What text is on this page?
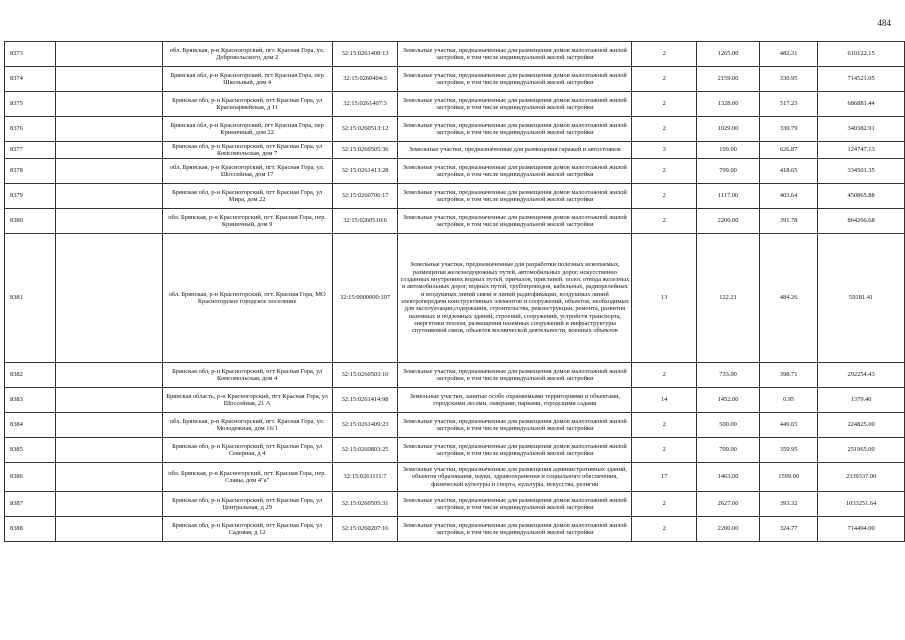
484
8373		обл. Брянская, р-н Красногорский, пгт. Красная Гора, ул. Добровольского, дом 2	32:15:0261408:13	Земельные участки, предназначенные для размещения домов малоэтажной жилой застройки, в том числе индивидуальной жилой застройки	2	1265.00	482.31	610122.15
8374		Брянская обл, р-н Красногорский, пгт Красная Гора, пер Школьный, дом 4	32:15:0260404:3	Земельные участки, предназначенные для размещения домов малоэтажной жилой застройки, в том числе индивидуальной жилой застройки	2	2159.00	330.95	714521.05
8375		Брянская обл, р-н Красногорский, пгт Красная Гора, ул Красноармейская, д 11	32:15:0261407:3	Земельные участки, предназначенные для размещения домов малоэтажной жилой застройки, в том числе индивидуальной жилой застройки	2	1328.00	517.23	686881.44
8376		Брянская обл, р-н Красногорский, пгт Красная Гора, пер Криничный, дом 22	32:15:0260513:12	Земельные участки, предназначенные для размещения домов малоэтажной жилой застройки, в том числе индивидуальной жилой застройки	2	1029.00	330.79	340382.91
8377		Брянская обл, р-н Красногорский, пгт Красная Гора, ул Комсомольская, дом 7	32:15:0260505:36	Земельные участки, предназначенные для размещения гаражей и автостоянок	3	199.00	626.87	124747.13
8378		обл. Брянская, р-н Красногорский, пгт. Красная Гора, ул. Шоссейная, дом 17	32:15:0261413:28	Земельные участки, предназначенные для размещения домов малоэтажной жилой застройки, в том числе индивидуальной жилой застройки	2	799.00	418.65	334501.35
8379		Брянская обл, р-н Красногорский, пгт Красная Гора, ул Мира, дом 22	32:15:0260706:17	Земельные участки, предназначенные для размещения домов малоэтажной жилой застройки, в том числе индивидуальной жилой застройки	2	1117.00	403.64	450865.88
8380		обл. Брянская, р-н Красногорский, пгт. Красная Гора, пер. Криничный, дом 9	32:15:0260510:6	Земельные участки, предназначенные для размещения домов малоэтажной жилой застройки, в том числе индивидуальной жилой застройки	2	2206.00	391.78	864266.68
8381		обл. Брянская, р-н Красногорский, пгт. Красная Гора, МО Красногорское городское поселение	32:15:0000000:107	Земельные участки, предназначенные для разработки полезных ископаемых, размещения железнодорожных путей, автомобильных дорог, искусственно созданных внутренних водных путей, причалов, пристаней, полос отвода железных и автомобильных дорог, водных путей, трубопроводов, кабельных, радиорелейных и воздушных линий связи и линий радиофикации, воздушных линий электропередачи конструктивных элементов и сооружений, объектов, необходимых для эксплуатации,содержания, строительства, реконструкции, ремонта, развития наземных и подземных зданий, строений, сооружений, устройств транспорта, энергетики теплом, размещения наземных сооружений и инфраструктуры спутниковой связи, объектов космической деятельности, военных объектов	13	122.21	484.26	59181.41
8382		Брянская обл, р-н Красногорский, пгт Красная Гора, ул Комсомольская, дом 4	32:15:0260503:10	Земельные участки, предназначенные для размещения домов малоэтажной жилой застройки, в том числе индивидуальной жилой застройки	2	733.00	398.71	292254.43
8383		Брянская область, р-н Красногорский, пгт Красная Гора, ул Шоссейная, 21 А	32:15:0261414:98	Земельные участки, занятые особо охраняемыми территориями и объектами, городскими лесами, скверами, парками, городскими садами	14	1452.00	0.95	1379.40
8384		обл. Брянская, р-н Красногорский, пгт. Красная Гора, ул. Молодежная, дом 16/1	32:15:0261409:23	Земельные участки, предназначенные для размещения домов малоэтажной жилой застройки, в том числе индивидуальной жилой застройки	2	500.00	449.65	224825.00
8385		Брянская обл, р-н Красногорский, пгт Красная Гора, ул Северная, д 4	32:15:0260803:25	Земельные участки, предназначенные для размещения домов малоэтажной жилой застройки, в том числе индивидуальной жилой застройки	2	700.00	359.95	251965.00
8386		обл. Брянская, р-н Красногорский, пгт. Красная Гора, пер. Славы, дом 4"а"	32:15:0261111:7	Земельные участки, предназначенные для размещения административных зданий, объектов образования, науки, здравоохранения и социального обеспечения, физической культуры и спорта, культуры, искусства, религии	17	1463.00	1599.00	2339337.00
8387		Брянская обл, р-н Красногорский, пгт Красная Гора, ул Центральная, д 29	32:15:0260505:31	Земельные участки, предназначенные для размещения домов малоэтажной жилой застройки, в том числе индивидуальной жилой застройки	2	2627.00	393.32	1033251.64
8388		Брянская обл, р-н Красногорский, пгт Красная Гора, ул Садовая, д 12	32:15:0260207:16	Земельные участки, предназначенные для размещения домов малоэтажной жилой застройки, в том числе индивидуальной жилой застройки	2	2200.00	324.77	714494.00
